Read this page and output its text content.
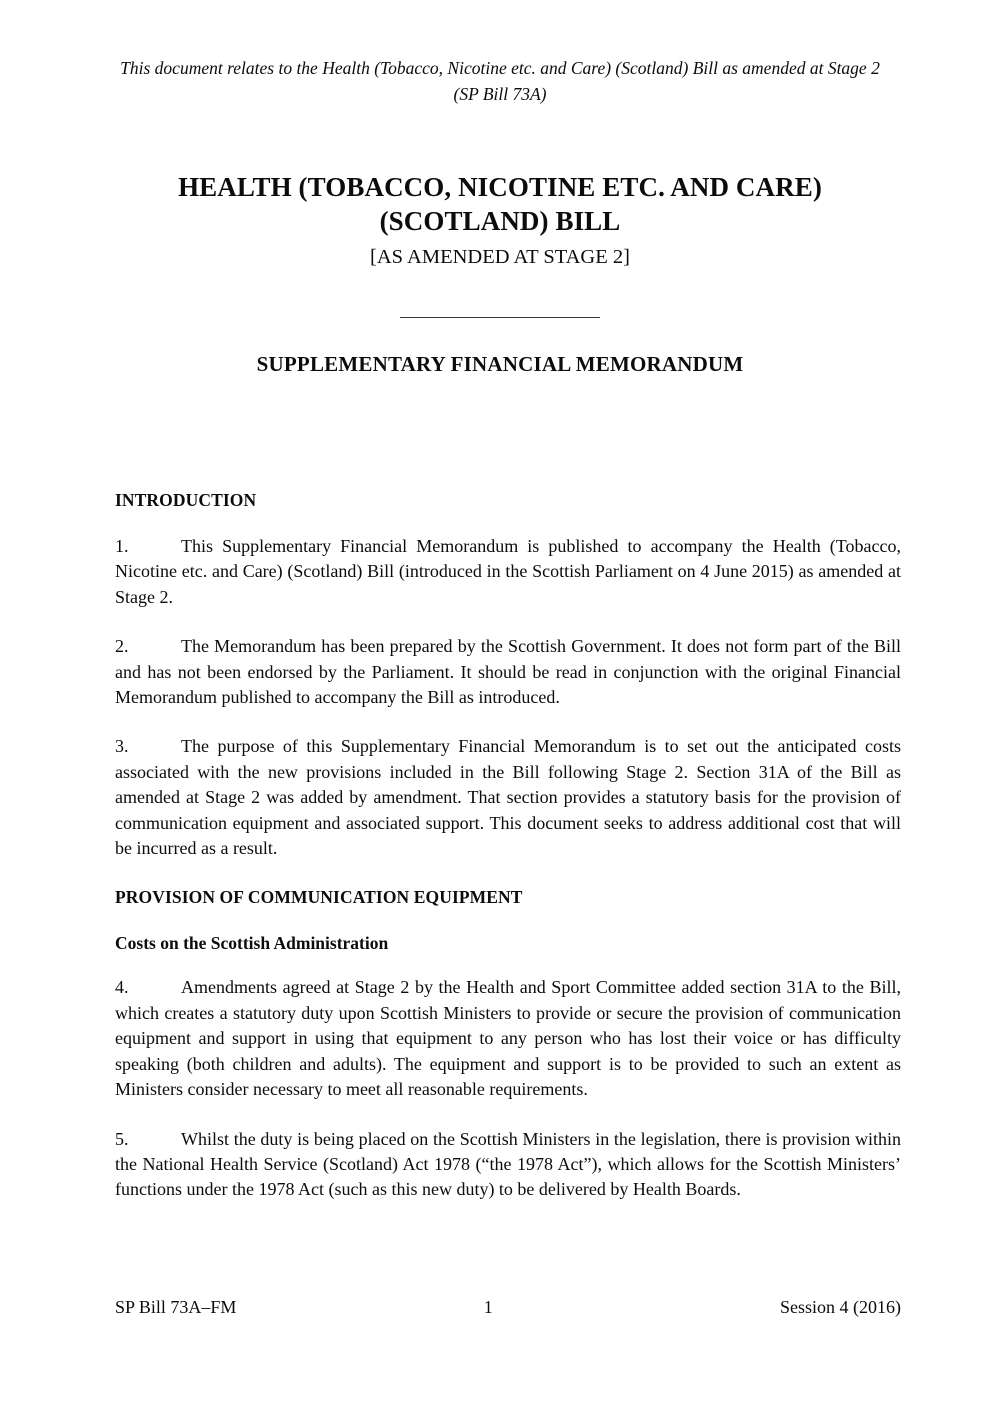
This document relates to the Health (Tobacco, Nicotine etc. and Care) (Scotland) Bill as amended at Stage 2 (SP Bill 73A)
HEALTH (TOBACCO, NICOTINE ETC. AND CARE) (SCOTLAND) BILL
[AS AMENDED AT STAGE 2]
SUPPLEMENTARY FINANCIAL MEMORANDUM
INTRODUCTION

1.	This Supplementary Financial Memorandum is published to accompany the Health (Tobacco, Nicotine etc. and Care) (Scotland) Bill (introduced in the Scottish Parliament on 4 June 2015) as amended at Stage 2.

2.	The Memorandum has been prepared by the Scottish Government. It does not form part of the Bill and has not been endorsed by the Parliament. It should be read in conjunction with the original Financial Memorandum published to accompany the Bill as introduced.

3.	The purpose of this Supplementary Financial Memorandum is to set out the anticipated costs associated with the new provisions included in the Bill following Stage 2. Section 31A of the Bill as amended at Stage 2 was added by amendment. That section provides a statutory basis for the provision of communication equipment and associated support. This document seeks to address additional cost that will be incurred as a result.

PROVISION OF COMMUNICATION EQUIPMENT
Costs on the Scottish Administration

4.	Amendments agreed at Stage 2 by the Health and Sport Committee added section 31A to the Bill, which creates a statutory duty upon Scottish Ministers to provide or secure the provision of communication equipment and support in using that equipment to any person who has lost their voice or has difficulty speaking (both children and adults). The equipment and support is to be provided to such an extent as Ministers consider necessary to meet all reasonable requirements.

5.	Whilst the duty is being placed on the Scottish Ministers in the legislation, there is provision within the National Health Service (Scotland) Act 1978 (“the 1978 Act”), which allows for the Scottish Ministers’ functions under the 1978 Act (such as this new duty) to be delivered by Health Boards.

SP Bill 73A–FM	1	Session 4 (2016)
